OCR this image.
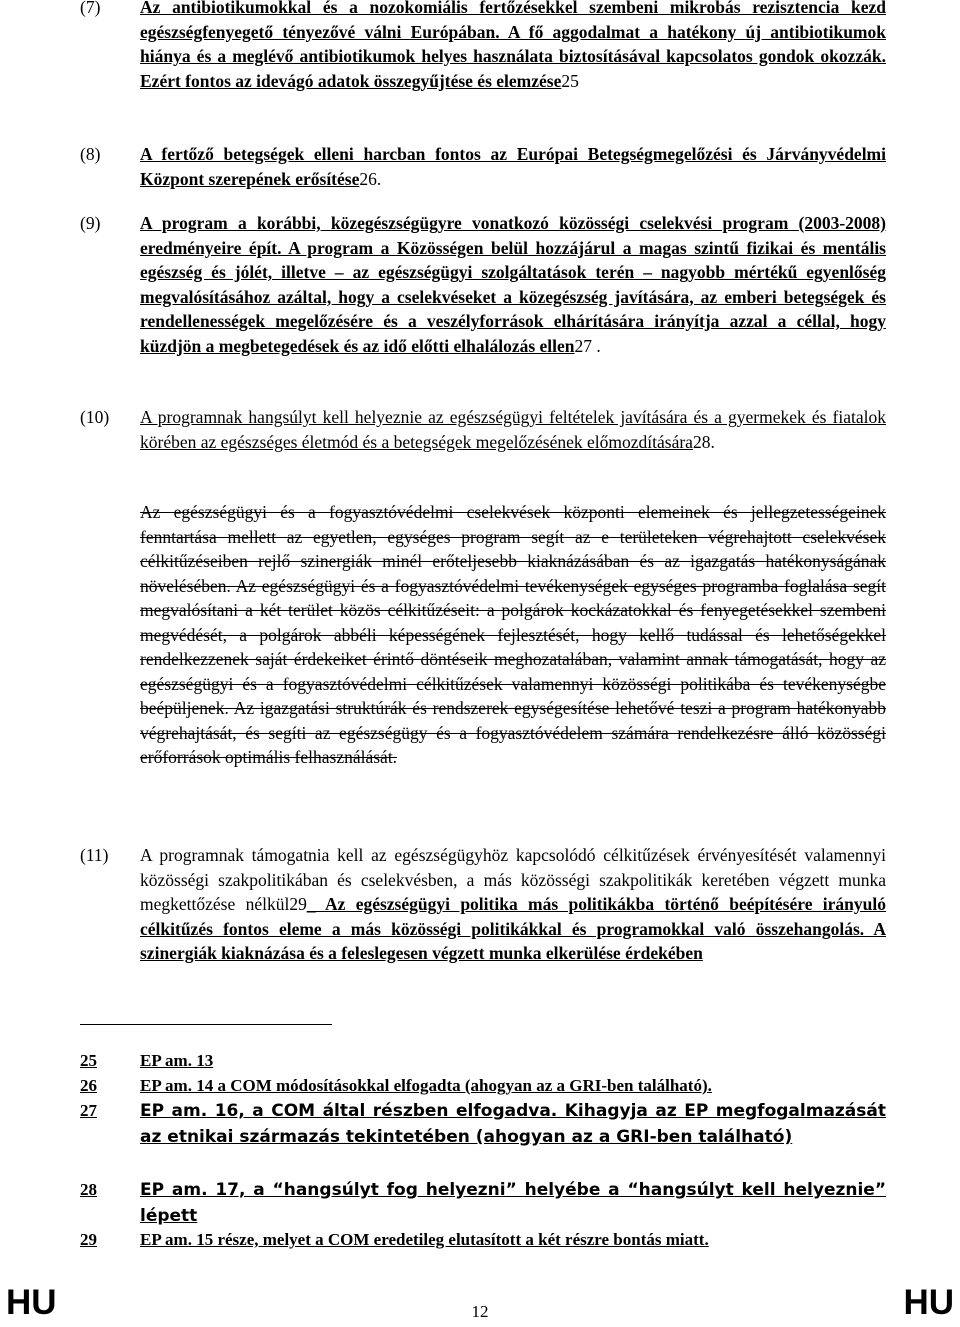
(7) Az antibiotikumokkal és a nozokomiális fertőzésekkel szembeni mikrobás rezisztencia kezd egészségfenyegető tényezővé válni Európában. A fő aggodalmat a hatékony új antibiotikumok hiánya és a meglévő antibiotikumok helyes használata biztosításával kapcsolatos gondok okozzák. Ezért fontos az idevágó adatok összegyűjtése és elemzése25
(8) A fertőző betegségek elleni harcban fontos az Európai Betegségmegelőzési és Járványvédelmi Központ szerepének erősítése26.
(9) A program a korábbi, közegészségügyre vonatkozó közösségi cselekvési program (2003-2008) eredményeire épít. A program a Közösségen belül hozzájárul a magas szintű fizikai és mentális egészség és jólét, illetve – az egészségügyi szolgáltatások terén – nagyobb mértékű egyenlőség megvalósításához azáltal, hogy a cselekvéseket a közegészség javítására, az emberi betegségek és rendellenességek megelőzésére és a veszélyforrások elhárítására irányítja azzal a céllal, hogy küzdjön a megbetegedések és az idő előtti elhalálozás ellen27 .
(10) A programnak hangsúlyt kell helyeznie az egészségügyi feltételek javítására és a gyermekek és fiatalok körében az egészséges életmód és a betegségek megelőzésének előmozdítására28.
Az egészségügyi és a fogyasztóvédelmi cselekvések központi elemeinek és jellegzetességeinek fenntartása mellett az egyetlen, egységes program segít az e területeken végrehajtott cselekvések célkitűzéseiben rejlő szinergiák minél erőteljesebb kiaknázásában és az igazgatás hatékonyságának növelésében. Az egészségügyi és a fogyasztóvédelmi tevékenységek egységes programba foglalása segít megvalósítani a két terület közös célkitűzéseit: a polgárok kockázatokkal és fenyegetésekkel szembeni megvédését, a polgárok abbéli képességének fejlesztését, hogy kellő tudással és lehetőségekkel rendelkezzenek saját érdekeiket érintő döntéseik meghozatalában, valamint annak támogatását, hogy az egészségügyi és a fogyasztóvédelmi célkitűzések valamennyi közösségi politikába és tevékenységbe beépüljenek. Az igazgatási struktúrák és rendszerek egységesítése lehetővé teszi a program hatékonyabb végrehajtását, és segíti az egészségügy és a fogyasztóvédelem számára rendelkezésre álló közösségi erőforrások optimális felhasználását.
(11) A programnak támogatnia kell az egészségügyhöz kapcsolódó célkitűzések érvényesítését valamennyi közösségi szakpolitikában és cselekvésben, a más közösségi szakpolitikák keretében végzett munka megkettőzése nélkül29_ Az egészségügyi politika más politikákba történő beépítésére irányuló célkitűzés fontos eleme a más közösségi politikákkal és programokkal való összehangolás. A szinergiák kiaknázása és a feleslegesen végzett munka elkerülése érdekében
25	EP am. 13
26	EP am. 14 a COM módosításokkal elfogadta (ahogyan az a GRI-ben található).
27	EP am. 16, a COM által részben elfogadva. Kihagyja az EP megfogalmazását az etnikai származás tekintetében (ahogyan az a GRI-ben található)
28	EP am. 17, a “hangsúlyt fog helyezni” helyébe a “hangsúlyt kell helyeznie” lépett
29	EP am. 15 része, melyet a COM eredetileg elutasított a két részre bontás miatt.
HU	12	HU
